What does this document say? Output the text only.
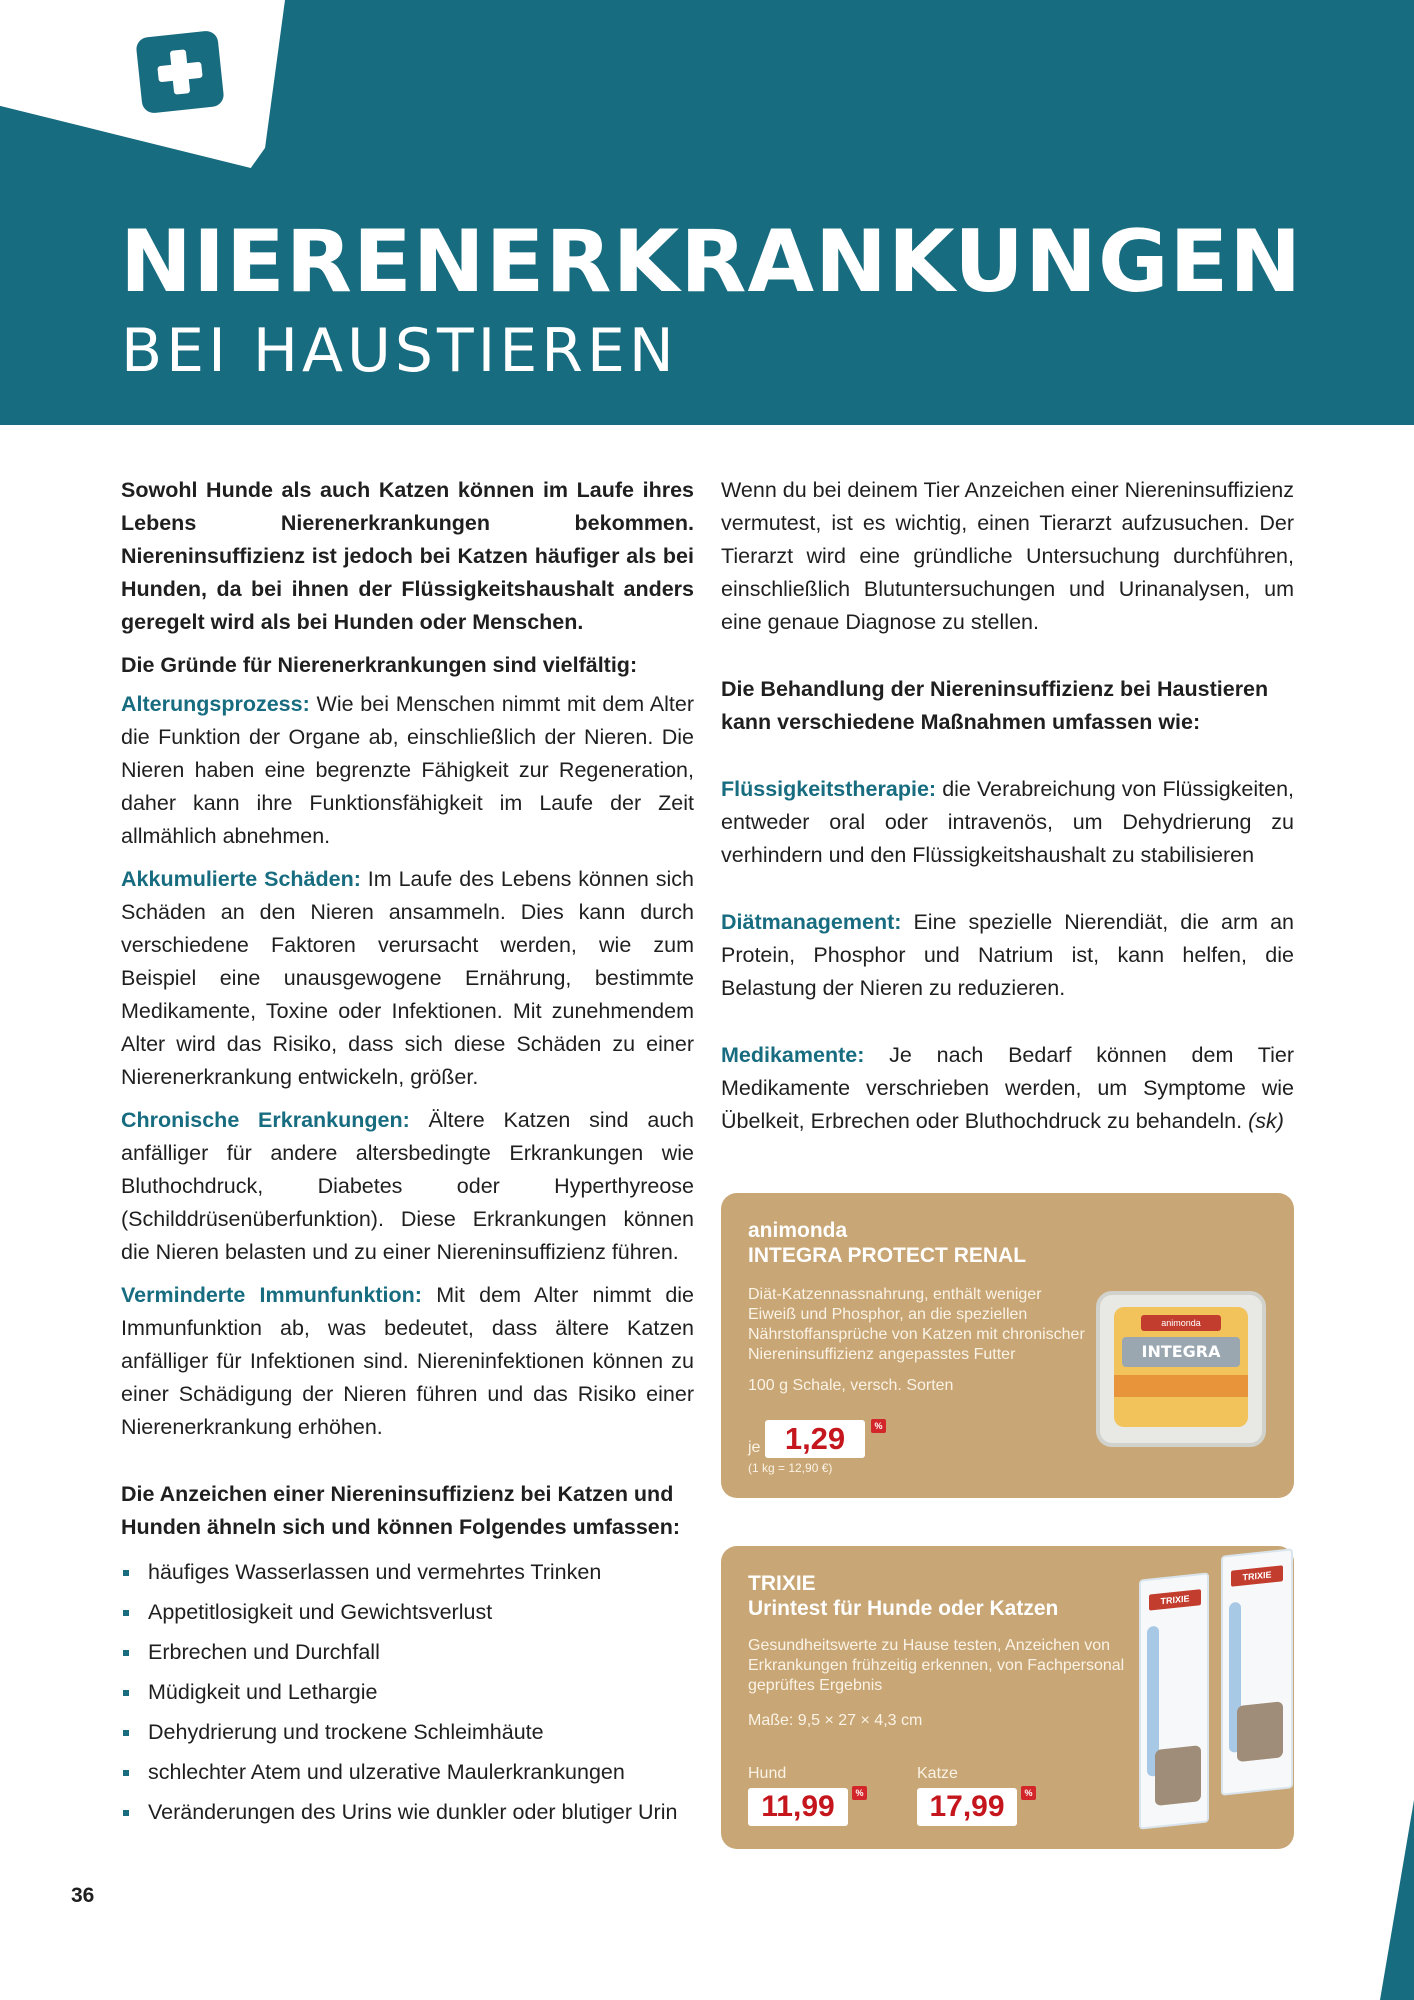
NIERENERKRANKUNGEN
BEI HAUSTIEREN

Sowohl Hunde als auch Katzen können im Laufe ihres Lebens Nierenerkrankungen bekommen. Niereninsuffizienz ist jedoch bei Katzen häufiger als bei Hunden, da bei ihnen der Flüssigkeitshaushalt anders geregelt wird als bei Hunden oder Menschen.

Die Gründe für Nierenerkrankungen sind vielfältig:

Alterungsprozess: Wie bei Menschen nimmt mit dem Alter die Funktion der Organe ab, einschließlich der Nieren. Die Nieren haben eine begrenzte Fähigkeit zur Regeneration, daher kann ihre Funktionsfähigkeit im Laufe der Zeit allmählich abnehmen.

Akkumulierte Schäden: Im Laufe des Lebens können sich Schäden an den Nieren ansammeln. Dies kann durch verschiedene Faktoren verursacht werden, wie zum Beispiel eine unausgewogene Ernährung, bestimmte Medikamente, Toxine oder Infektionen. Mit zunehmendem Alter wird das Risiko, dass sich diese Schäden zu einer Nierenerkrankung entwickeln, größer.

Chronische Erkrankungen: Ältere Katzen sind auch anfälliger für andere altersbedingte Erkrankungen wie Bluthochdruck, Diabetes oder Hyperthyreose (Schilddrüsenüberfunktion). Diese Erkrankungen können die Nieren belasten und zu einer Niereninsuffizienz führen.

Verminderte Immunfunktion: Mit dem Alter nimmt die Immunfunktion ab, was bedeutet, dass ältere Katzen anfälliger für Infektionen sind. Niereninfektionen können zu einer Schädigung der Nieren führen und das Risiko einer Nierenerkrankung erhöhen.

Die Anzeichen einer Niereninsuffizienz bei Katzen und Hunden ähneln sich und können Folgendes umfassen:

häufiges Wasserlassen und vermehrtes Trinken
Appetitlosigkeit und Gewichtsverlust
Erbrechen und Durchfall
Müdigkeit und Lethargie
Dehydrierung und trockene Schleimhäute
schlechter Atem und ulzerative Maulerkrankungen
Veränderungen des Urins wie dunkler oder blutiger Urin

Wenn du bei deinem Tier Anzeichen einer Niereninsuffizienz vermutest, ist es wichtig, einen Tierarzt aufzusuchen. Der Tierarzt wird eine gründliche Untersuchung durchführen, einschließlich Blutuntersuchungen und Urinanalysen, um eine genaue Diagnose zu stellen.

Die Behandlung der Niereninsuffizienz bei Haustieren kann verschiedene Maßnahmen umfassen wie:

Flüssigkeitstherapie: die Verabreichung von Flüssigkeiten, entweder oral oder intravenös, um Dehydrierung zu verhindern und den Flüssigkeitshaushalt zu stabilisieren

Diätmanagement: Eine spezielle Nierendiät, die arm an Protein, Phosphor und Natrium ist, kann helfen, die Belastung der Nieren zu reduzieren.

Medikamente: Je nach Bedarf können dem Tier Medikamente verschrieben werden, um Symptome wie Übelkeit, Erbrechen oder Bluthochdruck zu behandeln. (sk)

animonda
INTEGRA PROTECT RENAL
Diät-Katzennassnahrung, enthält weniger Eiweiß und Phosphor, an die speziellen Nährstoffansprüche von Katzen mit chronischer Niereninsuffizienz angepasstes Futter
100 g Schale, versch. Sorten
je 1,29	%
(1 kg = 12,90 €)
animonda
INTEGRA
TRIXIE
Urintest für Hunde oder Katzen
Gesundheitswerte zu Hause testen, Anzeichen von Erkrankungen frühzeitig erkennen, von Fachpersonal geprüftes Ergebnis
Maße: 9,5 × 27 × 4,3 cm
Hund
11,99	%
Katze
17,99	%
TRIXIE
TRIXIE
36
